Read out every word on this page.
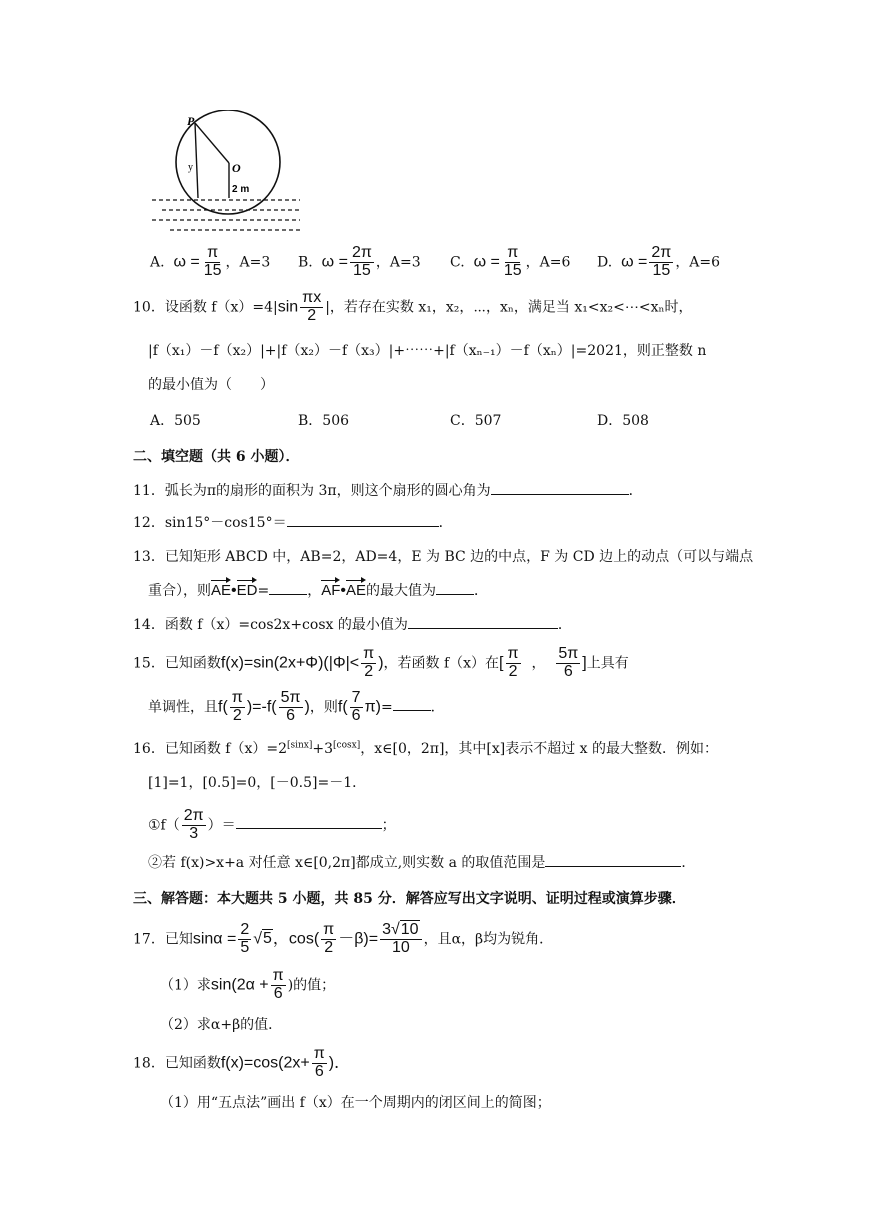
P
O
y
2 m
A. $\omega = \frac{\pi}{15}$ ，A=3 B. $\omega = \frac{2\pi}{15}$ ，A=3 C. $\omega = \frac{\pi}{15}$ ，A=6 D. $\omega = \frac{2\pi}{15}$ ，A=6
10．设函数 $f(x)=4|\sin \frac{\pi x}{2}$ |，若存在实数 x₁，x₂，⋯，xₙ，满足当 x₁<x₂<⋯<xₙ时，
|f（x₁）－f（x₂）|+|f（x₂）－f（x₃）|+⋯⋯+|f（xₙ₋₁）－f（xₙ）|=2021，则正整数 n
的最小值为（　　）
A．505	B．506	C．507	D．508
二、填空题（共 6 小题）．
11．弧长为π的扇形的面积为 3π，则这个扇形的圆心角为	．
12．sin15°－cos15°＝	．
13．已知矩形 ABCD 中，AB=2，AD=4，E 为 BC 边的中点，F 为 CD 边上的动点（可以与端点
重合），则AE•ED=	，AF•AE的最大值为	．
14．函数 f（x）=cos2x+cosx 的最小值为	．
15．已知函数$f(x)=\sin(2x+\Phi)(|\Phi|< \frac{\pi}{2}$ )，若函数 f（x）在[ $\frac{\pi}{2}$ ， $\frac{5\pi}{6}$ ]上具有
单调性，且$f( \frac{\pi}{2} )=-f( \frac{5\pi}{6}$ )，则$f( \frac{7}{6} \pi)=$	．
16．已知函数 f（x）=2[sinx]+3[cosx]，x∈[0，2π]，其中[x]表示不超过 x 的最大整数．例如：
[1]=1，[0.5]=0，[－0.5]=－1．
①f（ $\frac{2\pi}{3}$ ）＝	；
②若 f(x)>x+a 对任意 x∈[0,2π]都成立,则实数 a 的取值范围是	．
三、解答题：本大题共 5 小题，共 85 分．解答应写出文字说明、证明过程或演算步骤．
17．已知$\sin\alpha = \frac{2}{5} √5$，$\cos( \frac{\pi}{2} -\beta)= \frac{3√10}{10}$ ，且α，β均为锐角．
（1）求$\sin(2\alpha + \frac{\pi}{6}$ )的值；
（2）求α+β的值．
18．已知函数$f(x)=\cos(2x+ \frac{\pi}{6}$ )．
（1）用“五点法”画出 f（x）在一个周期内的闭区间上的简图；
